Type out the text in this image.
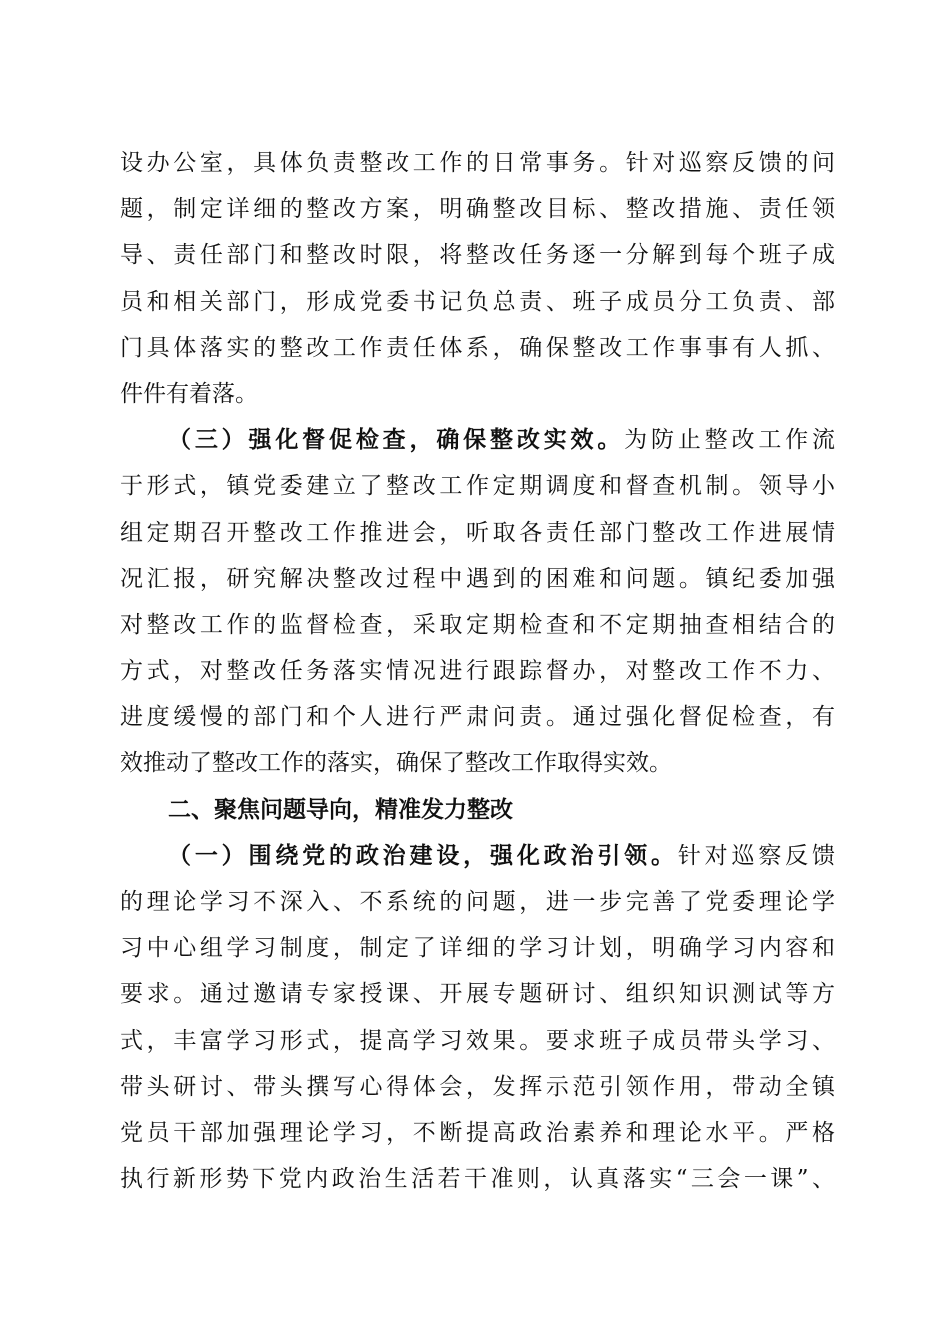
设办公室，具体负责整改工作的日常事务。针对巡察反馈的问
题，制定详细的整改方案，明确整改目标、整改措施、责任领
导、责任部门和整改时限，将整改任务逐一分解到每个班子成
员和相关部门，形成党委书记负总责、班子成员分工负责、部
门具体落实的整改工作责任体系，确保整改工作事事有人抓、
件件有着落。
（三）强化督促检查，确保整改实效。为防止整改工作流
于形式，镇党委建立了整改工作定期调度和督查机制。领导小
组定期召开整改工作推进会，听取各责任部门整改工作进展情
况汇报，研究解决整改过程中遇到的困难和问题。镇纪委加强
对整改工作的监督检查，采取定期检查和不定期抽查相结合的
方式，对整改任务落实情况进行跟踪督办，对整改工作不力、
进度缓慢的部门和个人进行严肃问责。通过强化督促检查，有
效推动了整改工作的落实，确保了整改工作取得实效。
二、聚焦问题导向，精准发力整改
（一）围绕党的政治建设，强化政治引领。针对巡察反馈
的理论学习不深入、不系统的问题，进一步完善了党委理论学
习中心组学习制度，制定了详细的学习计划，明确学习内容和
要求。通过邀请专家授课、开展专题研讨、组织知识测试等方
式，丰富学习形式，提高学习效果。要求班子成员带头学习、
带头研讨、带头撰写心得体会，发挥示范引领作用，带动全镇
党员干部加强理论学习，不断提高政治素养和理论水平。严格
执行新形势下党内政治生活若干准则，认真落实“三会一课”、
